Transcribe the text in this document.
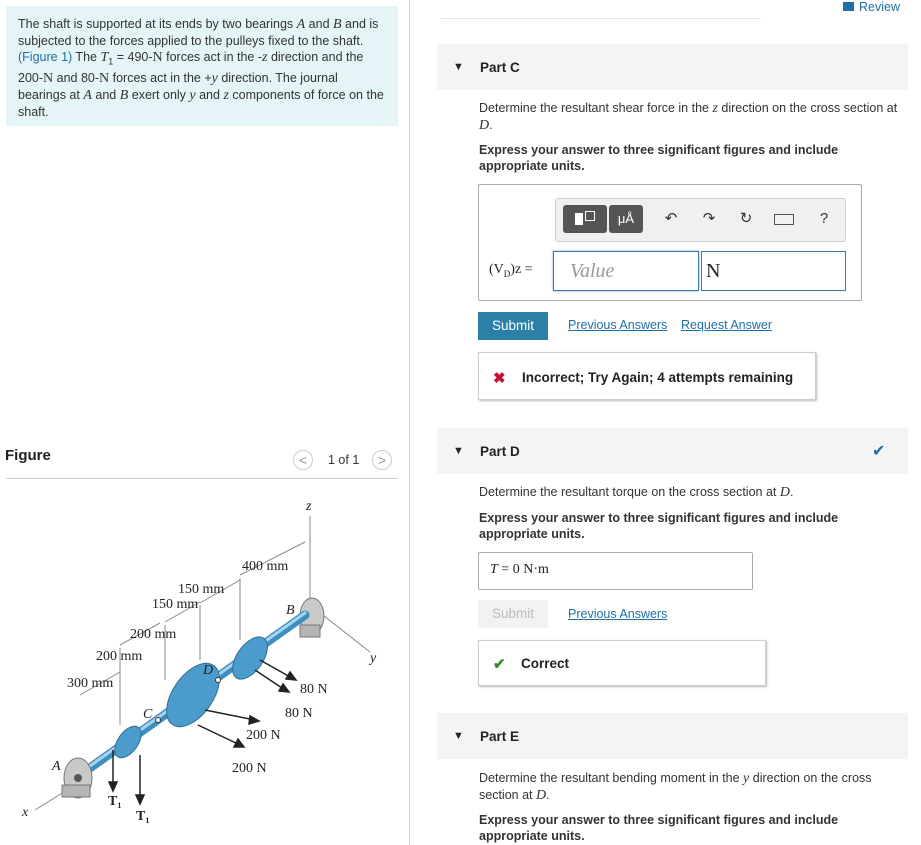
The shaft is supported at its ends by two bearings A and B and is subjected to the forces applied to the pulleys fixed to the shaft. (Figure 1) The $T_1 = 490-N$ forces act in the -z direction and the 200-N and 80-N forces act in the +y direction. The journal bearings at A and B exert only y and z components of force on the shaft.
Figure	<	1 of 1	>
z
y
x
400 mm
150 mm
150 mm
200 mm
200 mm
300 mm
A
B
C
D
80 N
80 N
200 N
200 N
$T_1$
$T_1$
Review
▼ Part C
Determine the resultant shear force in the z direction on the cross section at D.
Express your answer to three significant figures and include appropriate units.
μÅ	↶	↷	↻	?
$(V_D)z$ =	Value	N
Submit	Previous Answers Request Answer
✖ Incorrect; Try Again; 4 attempts remaining
▼ Part D	✔
Determine the resultant torque on the cross section at D.
Express your answer to three significant figures and include appropriate units.
T = 0 N·m
Submit	Previous Answers
✔ Correct
▼ Part E
Determine the resultant bending moment in the y direction on the cross section at D.
Express your answer to three significant figures and include appropriate units.
